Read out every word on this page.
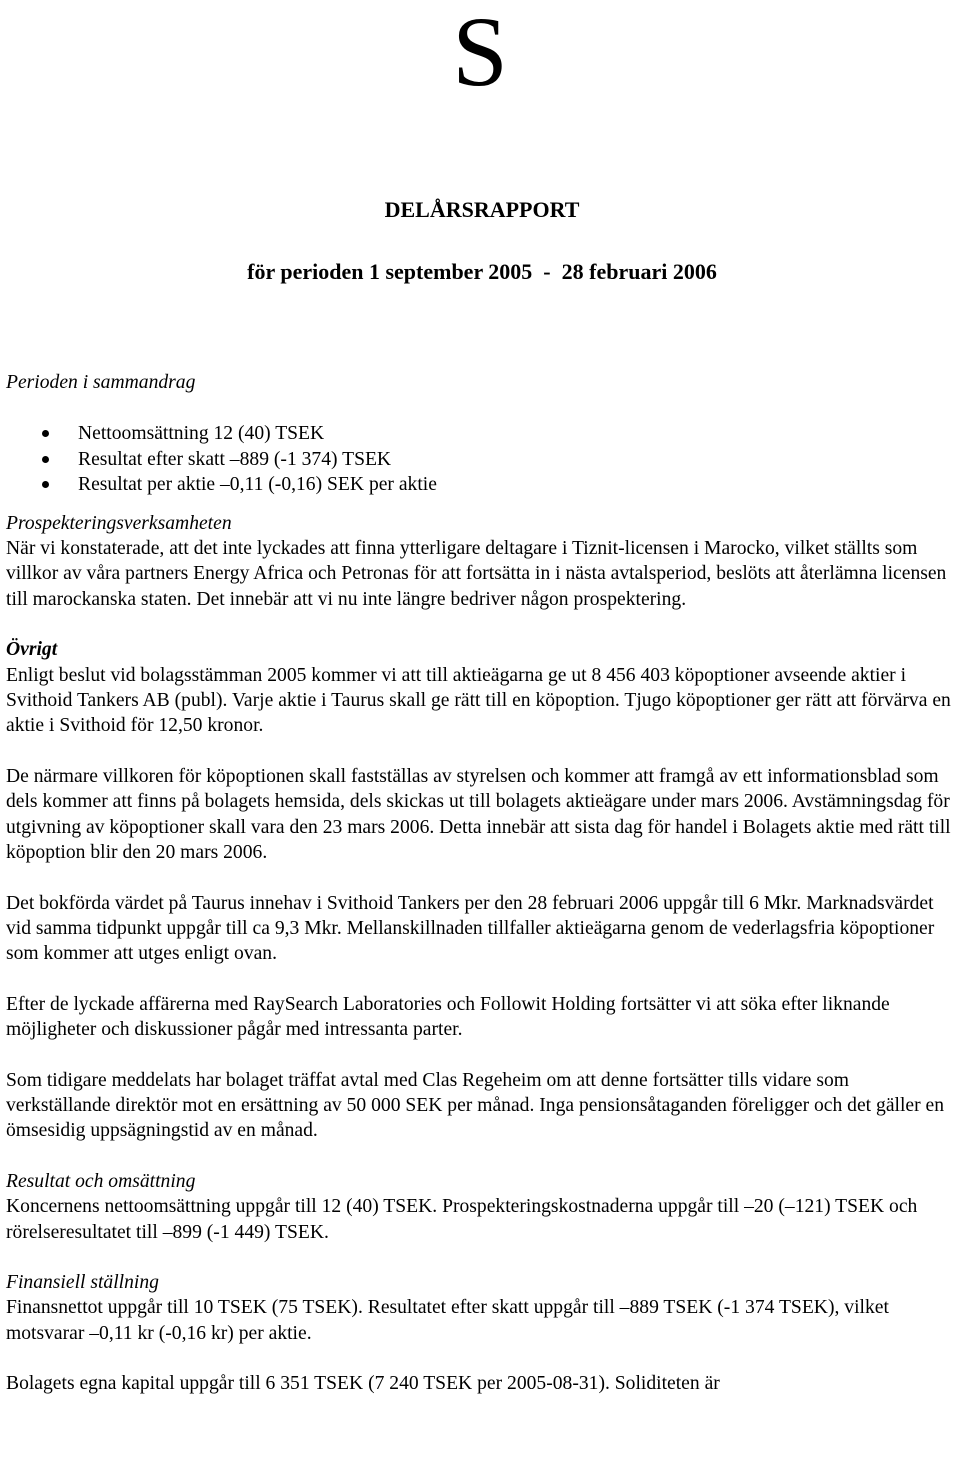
S
DELÅRSRAPPORT
för perioden 1 september 2005  -  28 februari 2006

Perioden i sammandrag

Nettoomsättning 12 (40) TSEK
Resultat efter skatt –889 (-1 374) TSEK
Resultat per aktie –0,11 (-0,16) SEK per aktie

Prospekteringsverksamheten

När vi konstaterade, att det inte lyckades att finna ytterligare deltagare i Tiznit-licensen i Marocko, vilket ställts som villkor av våra partners Energy Africa och Petronas för att fortsätta in i nästa avtalsperiod, beslöts att återlämna licensen till marockanska staten. Det innebär att vi nu inte längre bedriver någon prospektering.

Övrigt

Enligt beslut vid bolagsstämman 2005 kommer vi att till aktieägarna ge ut 8 456 403 köpoptioner avseende aktier i Svithoid Tankers AB (publ). Varje aktie i Taurus skall ge rätt till en köpoption. Tjugo köpoptioner ger rätt att förvärva en aktie i Svithoid för 12,50 kronor.

De närmare villkoren för köpoptionen skall fastställas av styrelsen och kommer att framgå av ett informationsblad som dels kommer att finns på bolagets hemsida, dels skickas ut till bolagets aktieägare under mars 2006. Avstämningsdag för utgivning av köpoptioner skall vara den 23 mars 2006. Detta innebär att sista dag för handel i Bolagets aktie med rätt till köpoption blir den 20 mars 2006.

Det bokförda värdet på Taurus innehav i Svithoid Tankers per den 28 februari 2006 uppgår till 6 Mkr. Marknadsvärdet vid samma tidpunkt uppgår till ca 9,3 Mkr. Mellanskillnaden tillfaller aktieägarna genom de vederlagsfria köpoptioner som kommer att utges enligt ovan.

Efter de lyckade affärerna med RaySearch Laboratories och Followit Holding fortsätter vi att söka efter liknande möjligheter och diskussioner pågår med intressanta parter.

Som tidigare meddelats har bolaget träffat avtal med Clas Regeheim om att denne fortsätter tills vidare som verkställande direktör mot en ersättning av 50 000 SEK per månad. Inga pensionsåtaganden föreligger och det gäller en ömsesidig uppsägningstid av en månad.

Resultat och omsättning

Koncernens nettoomsättning uppgår till 12 (40) TSEK. Prospekteringskostnaderna uppgår till –20 (–121) TSEK och rörelseresultatet till –899 (-1 449) TSEK.

Finansiell ställning

Finansnettot uppgår till 10 TSEK (75 TSEK). Resultatet efter skatt uppgår till –889 TSEK (-1 374 TSEK), vilket motsvarar –0,11 kr (-0,16 kr) per aktie.

Bolagets egna kapital uppgår till 6 351 TSEK (7 240 TSEK per 2005-08-31). Soliditeten är
